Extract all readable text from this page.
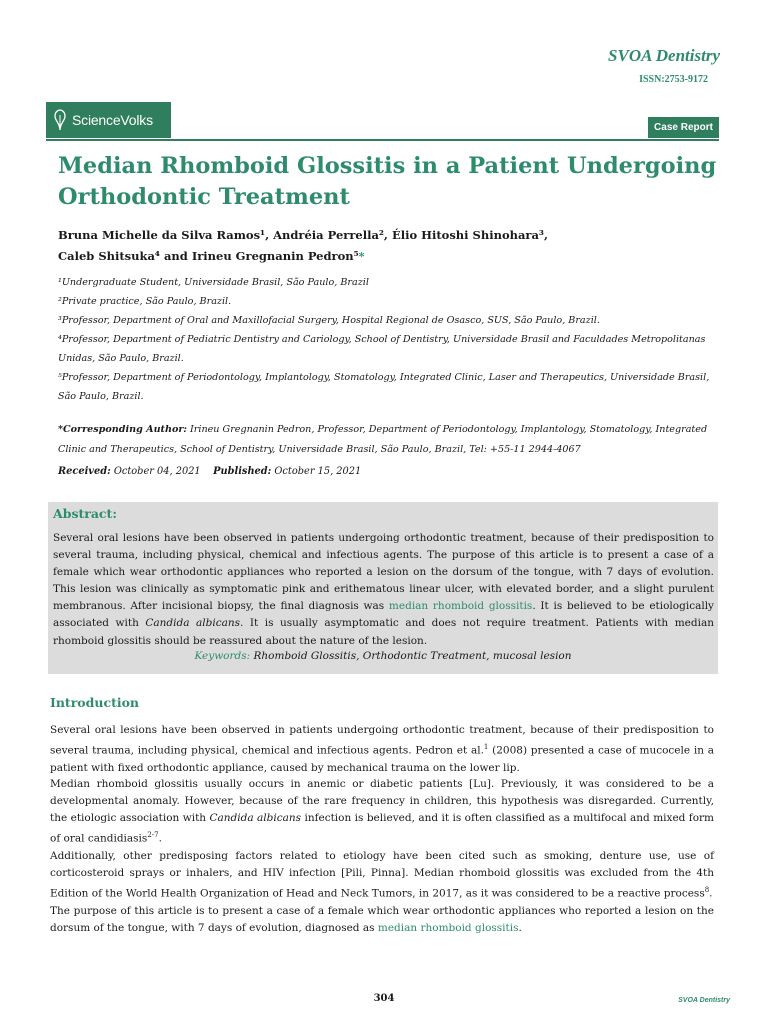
SVOA Dentistry
ISSN:2753-9172
ScienceVolks	Case Report
Median Rhomboid Glossitis in a Patient Undergoing Orthodontic Treatment
Bruna Michelle da Silva Ramos¹, Andréia Perrella², Élio Hitoshi Shinohara³,
Caleb Shitsuka⁴ and Irineu Gregnanin Pedron⁵*

¹Undergraduate Student, Universidade Brasil, São Paulo, Brazil

²Private practice, São Paulo, Brazil.

³Professor, Department of Oral and Maxillofacial Surgery, Hospital Regional de Osasco, SUS, São Paulo, Brazil.

⁴Professor, Department of Pediatric Dentistry and Cariology, School of Dentistry, Universidade Brasil and Faculdades Metropolitanas Unidas, São Paulo, Brazil.

⁵Professor, Department of Periodontology, Implantology, Stomatology, Integrated Clinic, Laser and Therapeutics, Universidade Brasil, São Paulo, Brazil.

*Corresponding Author: Irineu Gregnanin Pedron, Professor, Department of Periodontology, Implantology, Stomatology, Integrated Clinic and Therapeutics, School of Dentistry, Universidade Brasil, São Paulo, Brazil, Tel: +55-11 2944-4067
Received: October 04, 2021 Published: October 15, 2021
Abstract:
Several oral lesions have been observed in patients undergoing orthodontic treatment, because of their predisposition to several trauma, including physical, chemical and infectious agents. The purpose of this article is to present a case of a female which wear orthodontic appliances who reported a lesion on the dorsum of the tongue, with 7 days of evolution. This lesion was clinically as symptomatic pink and erithematous linear ulcer, with elevated border, and a slight purulent membranous. After incisional biopsy, the final diagnosis was median rhomboid glossitis. It is believed to be etiologically associated with Candida albicans. It is usually asymptomatic and does not require treatment. Patients with median rhomboid glossitis should be reassured about the nature of the lesion.
Keywords: Rhomboid Glossitis, Orthodontic Treatment, mucosal lesion
Introduction

Several oral lesions have been observed in patients undergoing orthodontic treatment, because of their predisposition to several trauma, including physical, chemical and infectious agents. Pedron et al.$^1$ (2008) presented a case of mucocele in a patient with fixed orthodontic appliance, caused by mechanical trauma on the lower lip.

Median rhomboid glossitis usually occurs in anemic or diabetic patients [Lu]. Previously, it was considered to be a developmental anomaly. However, because of the rare frequency in children, this hypothesis was disregarded. Currently, the etiologic association with Candida albicans infection is believed, and it is often classified as a multifocal and mixed form of oral candidiasis$^{2-7}$.

Additionally, other predisposing factors related to etiology have been cited such as smoking, denture use, use of corticosteroid sprays or inhalers, and HIV infection [Pili, Pinna]. Median rhomboid glossitis was excluded from the 4th Edition of the World Health Organization of Head and Neck Tumors, in 2017, as it was considered to be a reactive process$^8$.

The purpose of this article is to present a case of a female which wear orthodontic appliances who reported a lesion on the dorsum of the tongue, with 7 days of evolution, diagnosed as median rhomboid glossitis.

304	SVOA Dentistry
